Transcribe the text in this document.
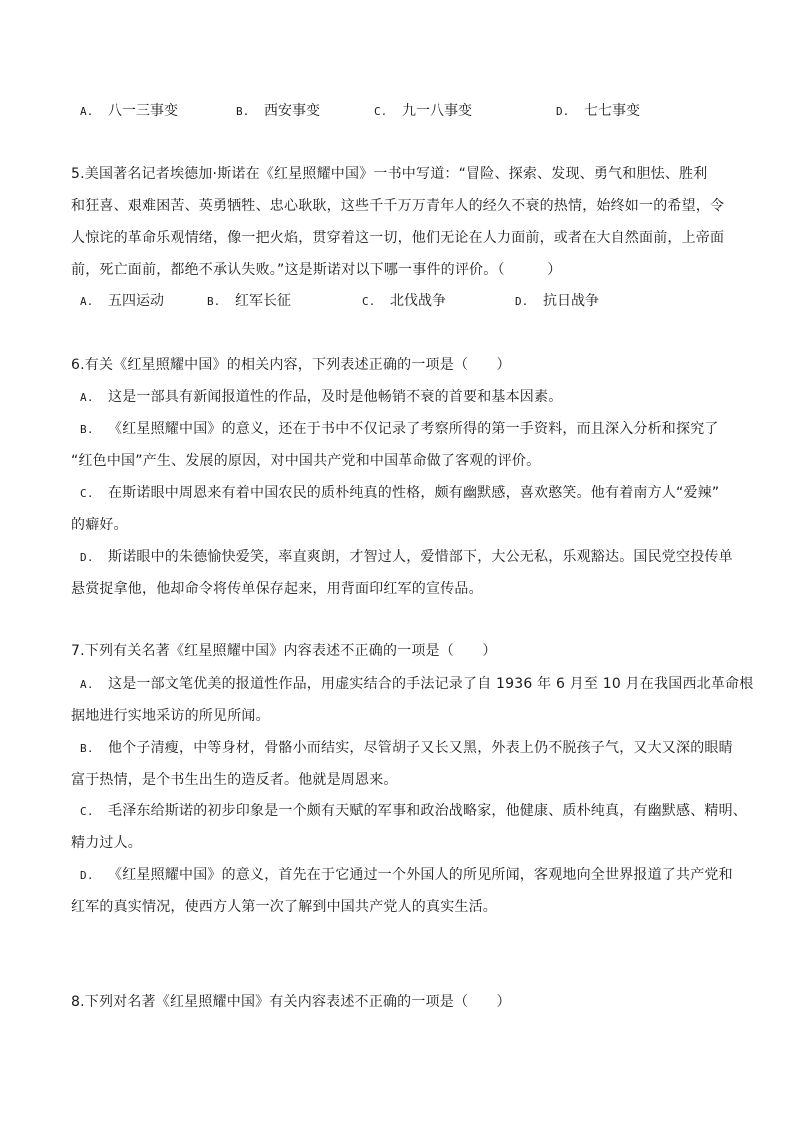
A. 八一三事变	B. 西安事变	C. 九一八事变	D. 七七事变
5.美国著名记者埃德加·斯诺在《红星照耀中国》一书中写道：“冒险、探索、发现、勇气和胆怯、胜利
和狂喜、艰难困苦、英勇牺牲、忠心耿耿，这些千千万万青年人的经久不衰的热情，始终如一的希望，令
人惊诧的革命乐观情绪，像一把火焰，贯穿着这一切，他们无论在人力面前，或者在大自然面前，上帝面
前，死亡面前，都绝不承认失败。”这是斯诺对以下哪一事件的评价。（　　　）
A. 五四运动	B. 红军长征	C. 北伐战争	D. 抗日战争
6.有关《红星照耀中国》的相关内容，下列表述正确的一项是（　　）
A. 这是一部具有新闻报道性的作品，及时是他畅销不衰的首要和基本因素。
B. 《红星照耀中国》的意义，还在于书中不仅记录了考察所得的第一手资料，而且深入分析和探究了
“红色中国”产生、发展的原因，对中国共产党和中国革命做了客观的评价。
C. 在斯诺眼中周恩来有着中国农民的质朴纯真的性格，颇有幽默感，喜欢憨笑。他有着南方人“爱辣”
的癖好。
D. 斯诺眼中的朱德愉快爱笑，率直爽朗，才智过人，爱惜部下，大公无私，乐观豁达。国民党空投传单
悬赏捉拿他，他却命令将传单保存起来，用背面印红军的宣传品。
7.下列有关名著《红星照耀中国》内容表述不正确的一项是（　　）
A. 这是一部文笔优美的报道性作品，用虚实结合的手法记录了自 1936 年 6 月至 10 月在我国西北革命根
据地进行实地采访的所见所闻。
B. 他个子清瘦，中等身材，骨骼小而结实，尽管胡子又长又黑，外表上仍不脱孩子气，又大又深的眼睛
富于热情，是个书生出生的造反者。他就是周恩来。
C. 毛泽东给斯诺的初步印象是一个颇有天赋的军事和政治战略家，他健康、质朴纯真，有幽默感、精明、
精力过人。
D. 《红星照耀中国》的意义，首先在于它通过一个外国人的所见所闻，客观地向全世界报道了共产党和
红军的真实情况，使西方人第一次了解到中国共产党人的真实生活。
8.下列对名著《红星照耀中国》有关内容表述不正确的一项是（　　）
